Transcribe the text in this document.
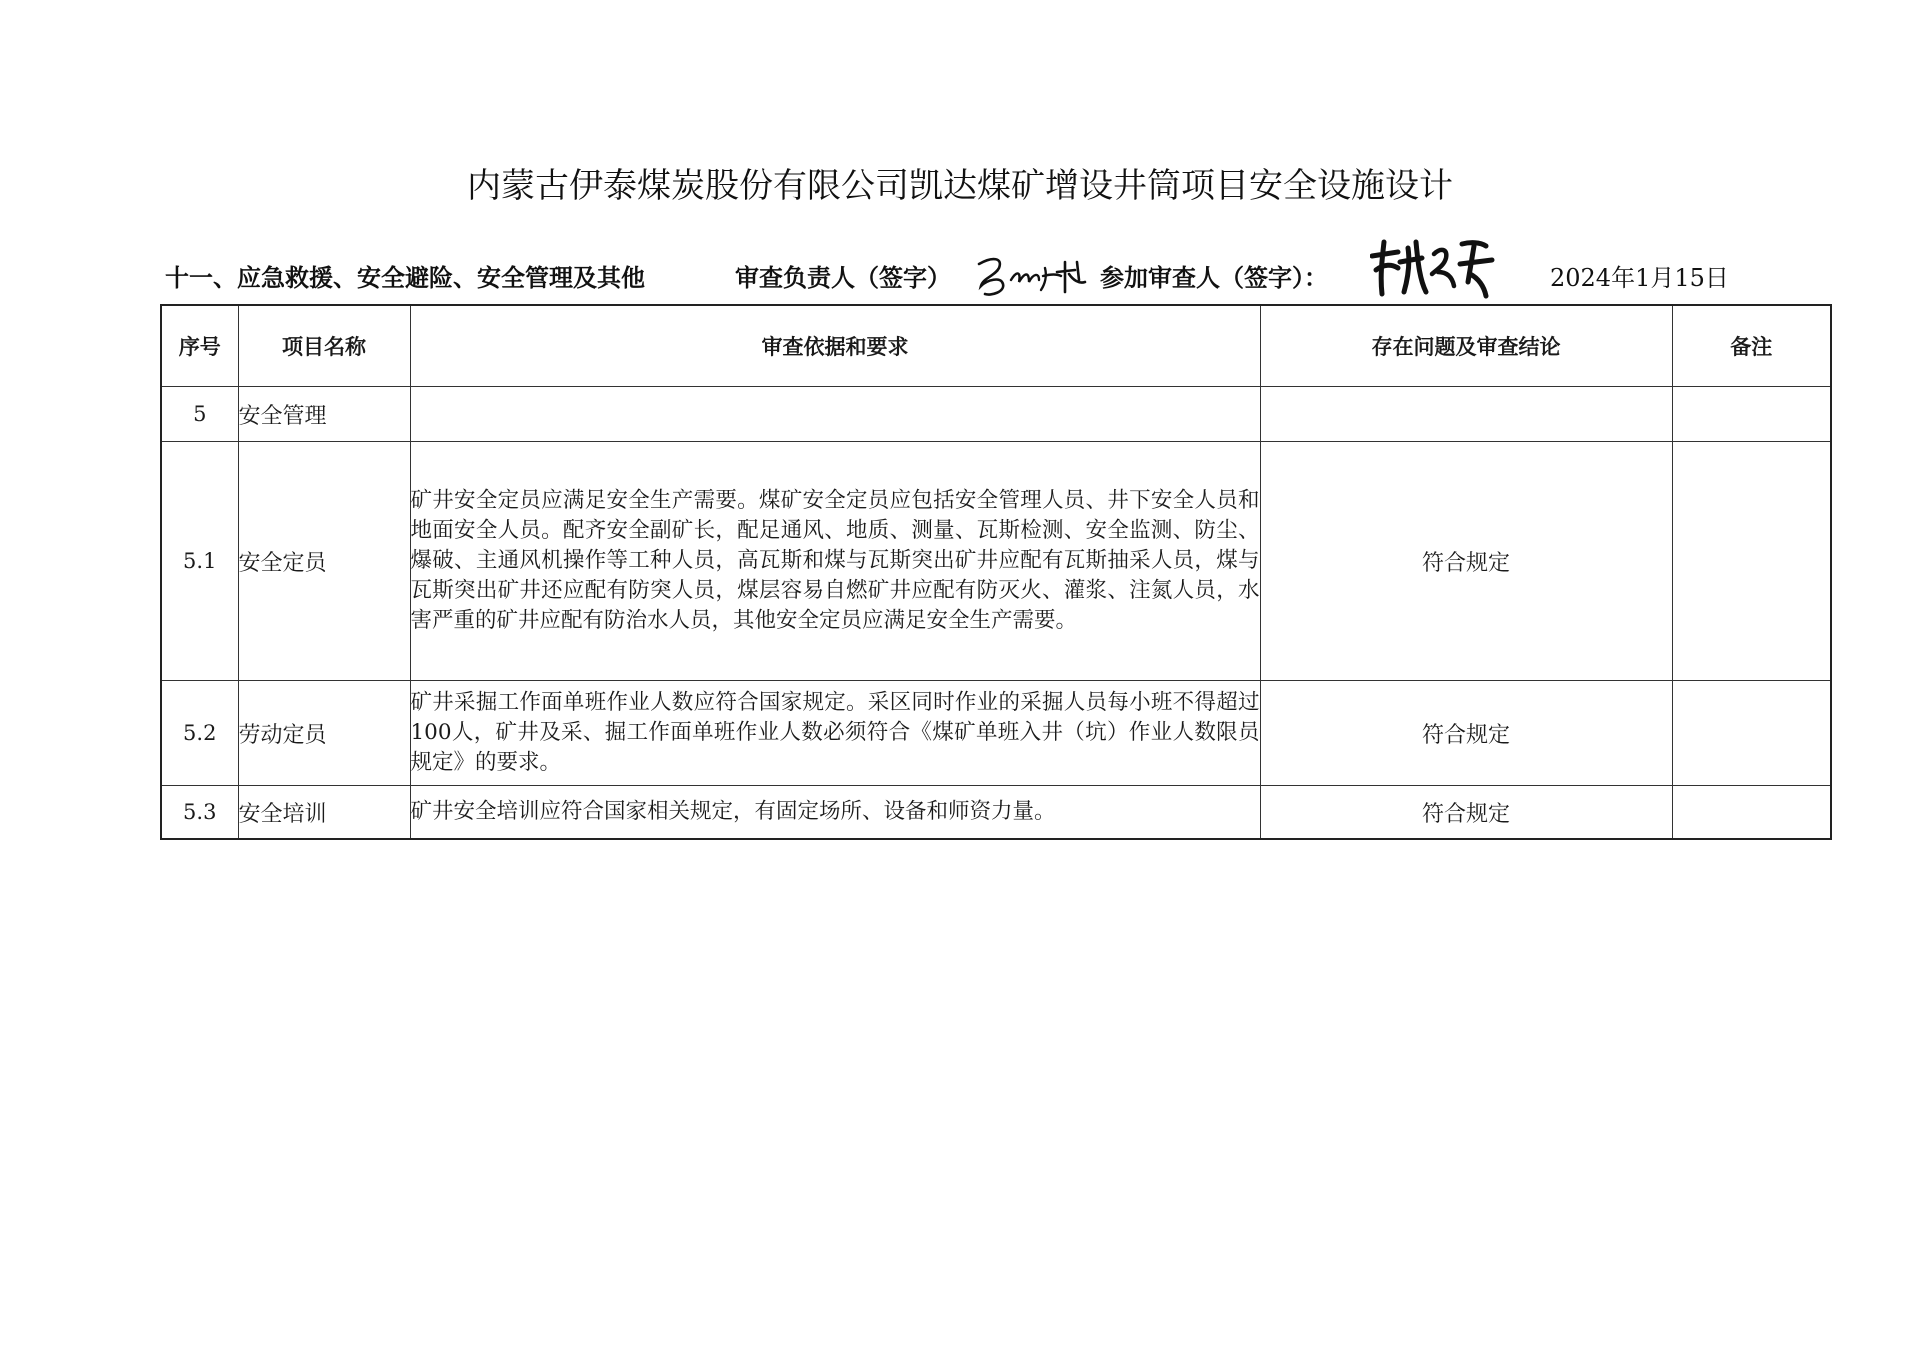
内蒙古伊泰煤炭股份有限公司凯达煤矿增设井筒项目安全设施设计
十一、应急救援、安全避险、安全管理及其他	审查负责人（签字）	参加审查人（签字）：	2024年1月15日
序号	项目名称	审查依据和要求	存在问题及审查结论	备注
5	安全管理			
5.1	安全定员	矿井安全定员应满足安全生产需要。煤矿安全定员应包括安全管理人员、井下安全人员和地面安全人员。配齐安全副矿长，配足通风、地质、测量、瓦斯检测、安全监测、防尘、爆破、主通风机操作等工种人员，高瓦斯和煤与瓦斯突出矿井应配有瓦斯抽采人员，煤与瓦斯突出矿井还应配有防突人员，煤层容易自燃矿井应配有防灭火、灌浆、注氮人员，水害严重的矿井应配有防治水人员，其他安全定员应满足安全生产需要。	符合规定	
5.2	劳动定员	矿井采掘工作面单班作业人数应符合国家规定。采区同时作业的采掘人员每小班不得超过100人，矿井及采、掘工作面单班作业人数必须符合《煤矿单班入井（坑）作业人数限员规定》的要求。	符合规定	
5.3	安全培训	矿井安全培训应符合国家相关规定，有固定场所、设备和师资力量。	符合规定	
